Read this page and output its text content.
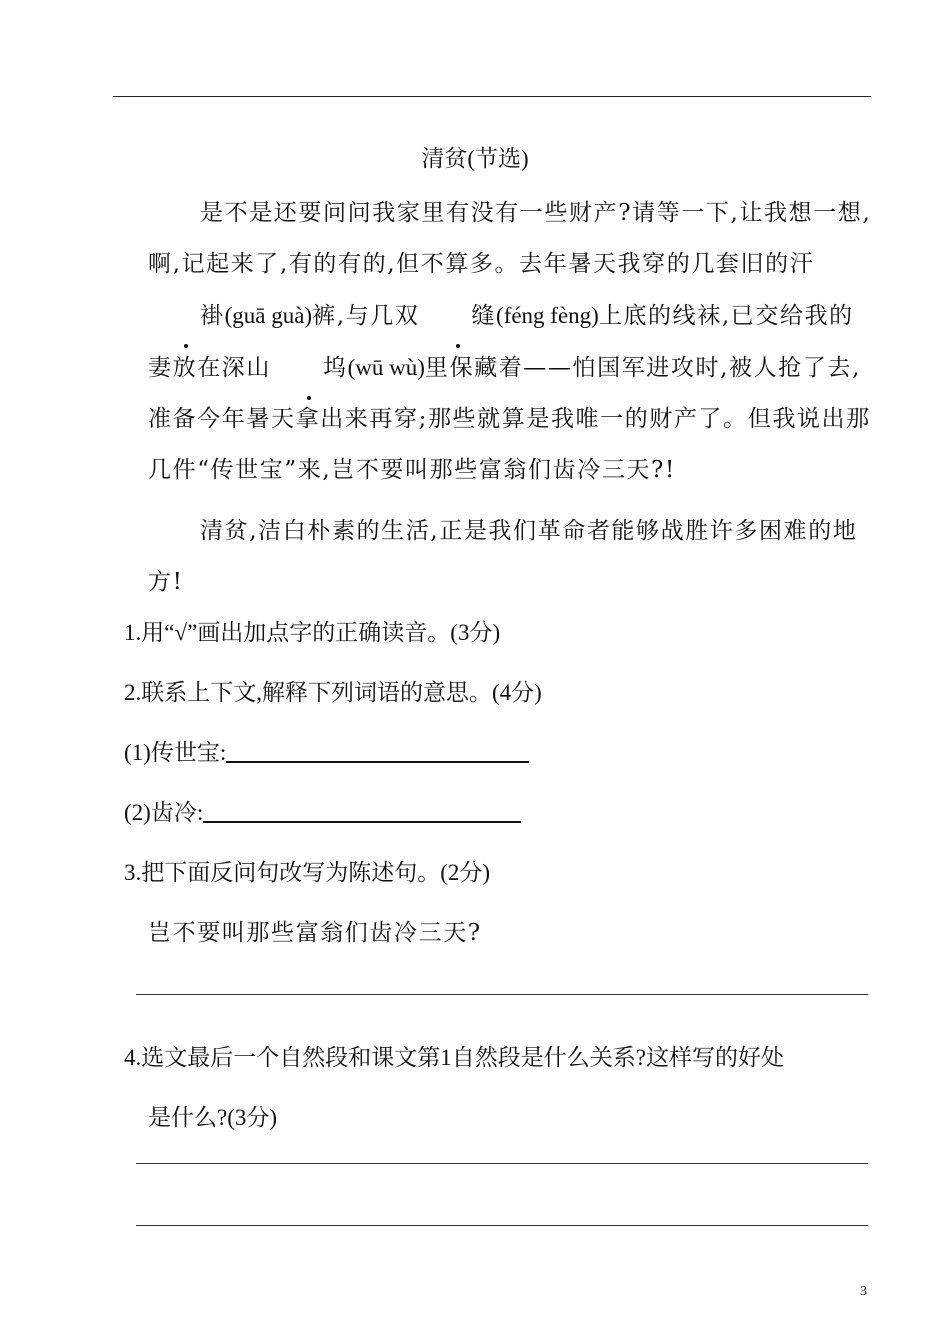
清贫(节选)

是不是还要问问我家里有没有一些财产?请等一下,让我想一想,啊,记起来了,有的有的,但不算多。去年暑天我穿的几套旧的汗褂(guā guà)裤,与几双 缝(féng fèng)上底的线袜,已交给我的妻放在深山 坞(wū wù)里保藏着——怕国军进攻时,被人抢了去,准备今年暑天拿出来再穿;那些就算是我唯一的财产了。但我说出那几件“传世宝”来,岂不要叫那些富翁们齿冷三天?!

清贫,洁白朴素的生活,正是我们革命者能够战胜许多困难的地方!

1.用“√”画出加点字的正确读音。(3分)
2.联系上下文,解释下列词语的意思。(4分)
(1)传世宝:
(2)齿冷:
3.把下面反问句改写为陈述句。(2分)
岂不要叫那些富翁们齿冷三天?
4.选文最后一个自然段和课文第1自然段是什么关系?这样写的好处
是什么?(3分)
3
